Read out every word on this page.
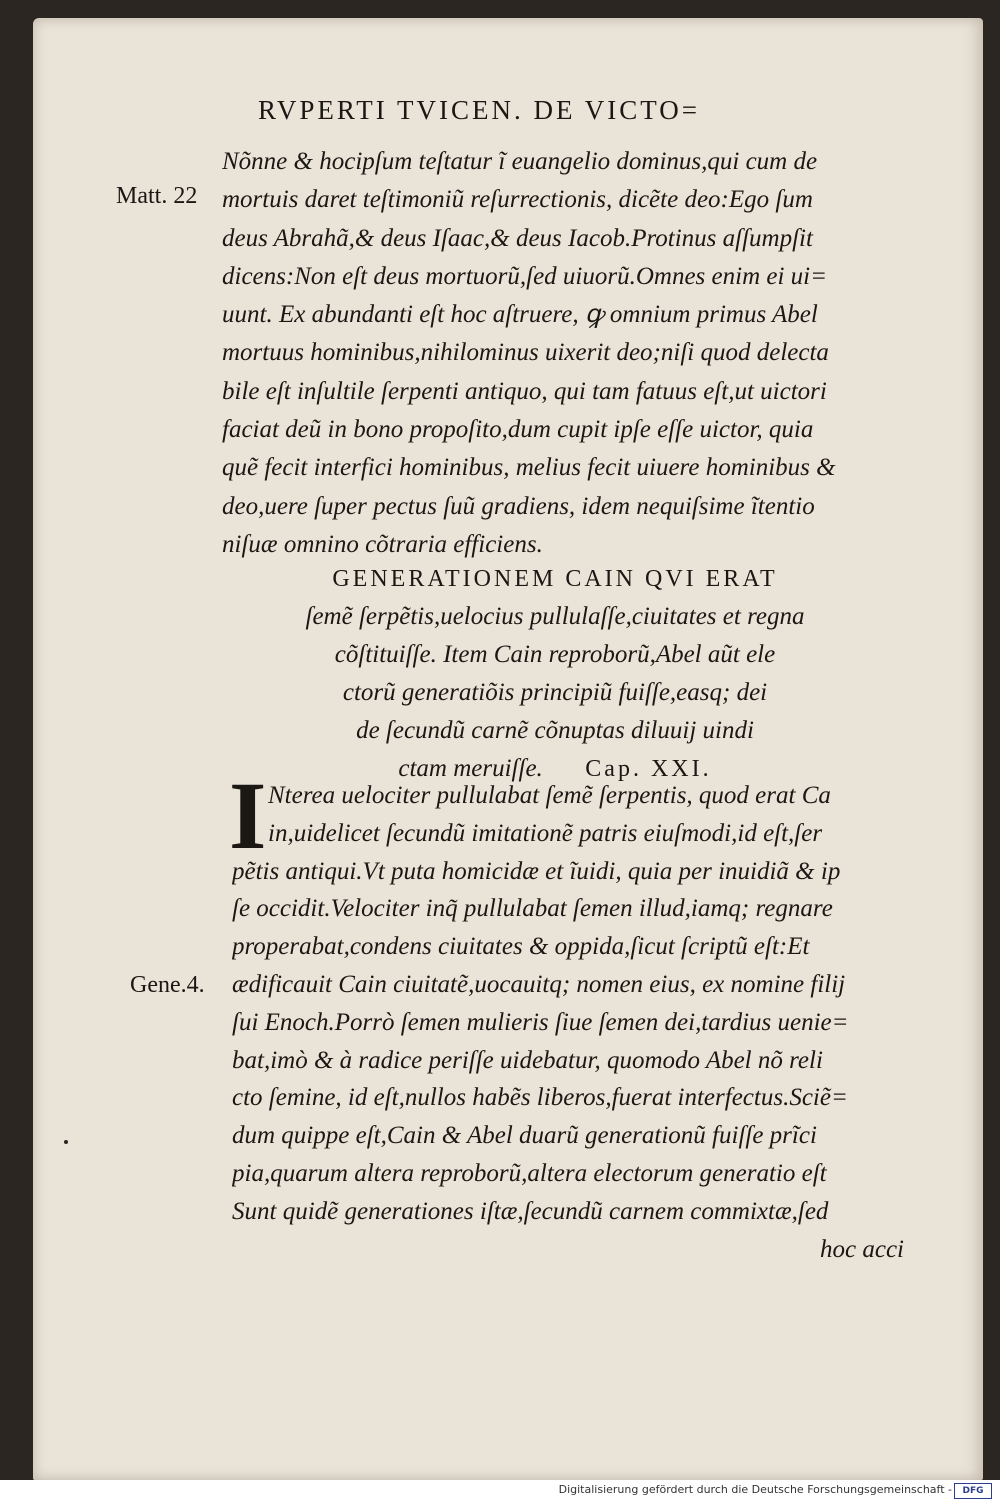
RVPERTI TVICEN. DE VICTO=
Matt. 22
Gene.4.
Nõnne & hocipſum teſtatur ĩ euangelio dominus,qui cum de
mortuis daret teſtimoniũ reſurrectionis, dicẽte deo:Ego ſum
deus Abrahã,& deus Iſaac,& deus Iacob.Protinus aſſumpſit
dicens:Non eſt deus mortuorũ,ſed uiuorũ.Omnes enim ei ui=
uunt. Ex abundanti eſt hoc aſtruere, ꝙ omnium primus Abel
mortuus hominibus,nihilominus uixerit deo;niſi quod delecta
bile eſt inſultile ſerpenti antiquo, qui tam fatuus eſt,ut uictori
faciat deũ in bono propoſito,dum cupit ipſe eſſe uictor, quia
quẽ fecit interfici hominibus, melius fecit uiuere hominibus &
deo,uere ſuper pectus ſuũ gradiens, idem nequiſsime ĩtentio
niſuæ omnino cõtraria efficiens.
GENERATIONEM CAIN QVI ERAT
ſemẽ ſerpẽtis,uelocius pullulaſſe,ciuitates et regna
cõſtituiſſe. Item Cain reproborũ,Abel aũt ele
ctorũ generatiõis principiũ fuiſſe,easq; dei
de ſecundũ carnẽ cõnuptas diluuij uindi
ctam meruiſſe. Cap. XXI.
I Nterea uelociter pullulabat ſemẽ ſerpentis, quod erat Ca
in,uidelicet ſecundũ imitationẽ patris eiuſmodi,id eſt,ſer
pẽtis antiqui.Vt puta homicidæ et ĩuidi, quia per inuidiã & ip
ſe occidit.Velociter inq̃ pullulabat ſemen illud,iamq; regnare
properabat,condens ciuitates & oppida,ſicut ſcriptũ eſt:Et
ædificauit Cain ciuitatẽ,uocauitq; nomen eius, ex nomine filij
ſui Enoch.Porrò ſemen mulieris ſiue ſemen dei,tardius uenie=
bat,imò & à radice periſſe uidebatur, quomodo Abel nõ reli
cto ſemine, id eſt,nullos habẽs liberos,fuerat interfectus.Sciẽ=
dum quippe eſt,Cain & Abel duarũ generationũ fuiſſe prĩci
pia,quarum altera reproborũ,altera electorum generatio eſt
Sunt quidẽ generationes iſtæ,ſecundũ carnem commixtæ,ſed
hoc acci
Digitalisierung gefördert durch die Deutsche Forschungsgemeinschaft -	DFG
